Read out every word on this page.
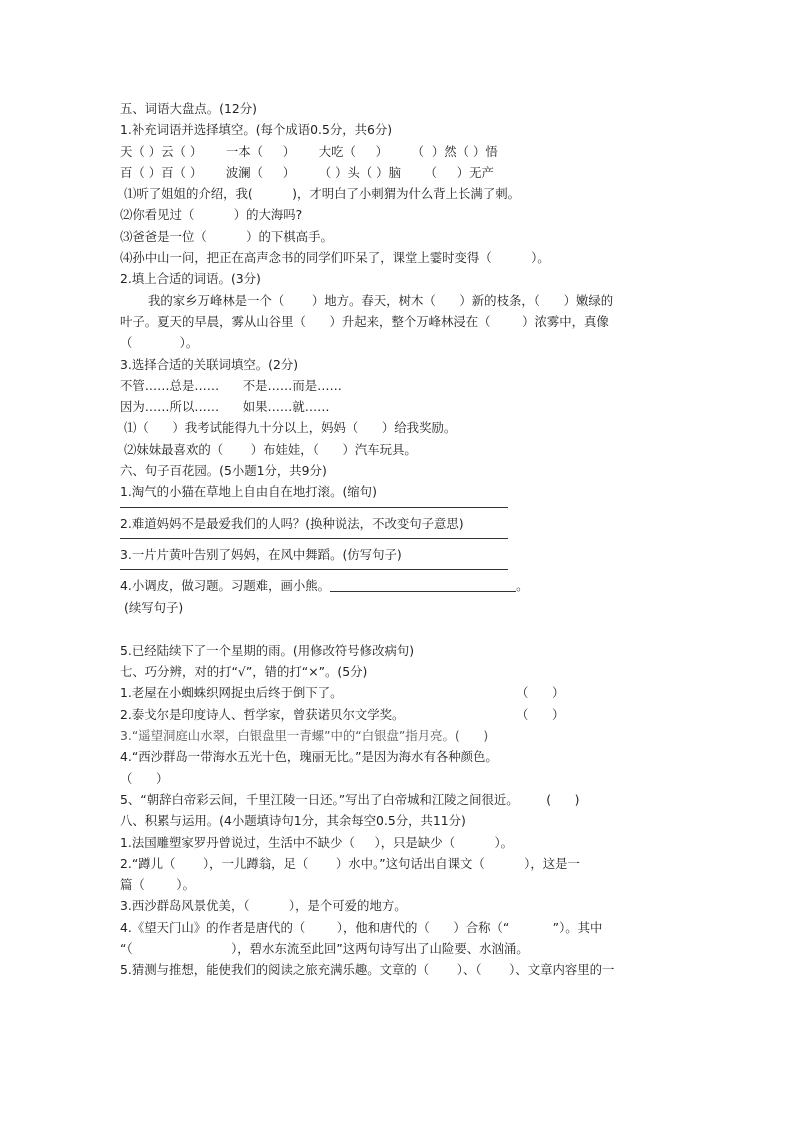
五、词语大盘点。(12分)
1.补充词语并选择填空。(每个成语0.5分，共6分)
天（ ）云（ ）      一本（     ）      大吃（     ）      （  ）然（ ）悟
百（ ）百（ ）      波澜（     ）      （ ）头（ ）脑      （     ）无产
⑴听了姐姐的介绍，我(          )，才明白了小刺猬为什么背上长满了刺。
⑵你看见过（          ）的大海吗?
⑶爸爸是一位（          ）的下棋高手。
⑷孙中山一问，把正在高声念书的同学们吓呆了，课堂上霎时变得（          ）。
2.填上合适的词语。(3分)
我的家乡万峰林是一个（       ）地方。春天，树木（      ）新的枝条，（      ）嫩绿的
叶子。夏天的早晨，雾从山谷里（      ）升起来，整个万峰林浸在（        ）浓雾中，真像
（            ）。
3.选择合适的关联词填空。(2分)
不管……总是……      不是……而是……
因为……所以……      如果……就……
⑴（      ）我考试能得九十分以上，妈妈（      ）给我奖励。
⑵妹妹最喜欢的（       ）布娃娃，（      ）汽车玩具。
六、句子百花园。(5小题1分，共9分)
1.淘气的小猫在草地上自由自在地打滚。(缩句)
2.难道妈妈不是最爱我们的人吗？(换种说法，不改变句子意思)
3.一片片黄叶告别了妈妈，在风中舞蹈。(仿写句子)
4.小调皮，做习题。习题难，画小熊。	。
(续写句子)
5.已经陆续下了一个星期的雨。(用修改符号修改病句)
七、巧分辨，对的打“√”，错的打“×”。(5分)
1.老屋在小蜘蛛织网捉虫后终于倒下了。	（      ）
2.泰戈尔是印度诗人、哲学家，曾获诺贝尔文学奖。	（      ）
3.“遥望洞庭山水翠，白银盘里一青螺”中的“白银盘”指月亮。(      )
4.“西沙群岛一带海水五光十色，瑰丽无比。”是因为海水有各种颜色。
（      ）
5、“朝辞白帝彩云间，千里江陵一日还。”写出了白帝城和江陵之间很近。       (      )
八、积累与运用。(4小题填诗句1分，其余每空0.5分，共11分)
1.法国雕塑家罗丹曾说过，生活中不缺少（     ），只是缺少（          ）。
2.“蹲儿（       ），一儿蹲翁，足（       ）水中。”这句话出自课文（          ），这是一
篇（        ）。
3.西沙群岛风景优美，（          ），是个可爱的地方。
4.《望天门山》的作者是唐代的（        ），他和唐代的（      ）合称（“           ”）。其中
“（                         ），碧水东流至此回”这两句诗写出了山险要、水汹涌。
5.猜测与推想，能使我们的阅读之旅充满乐趣。文章的（       ）、（       ）、文章内容里的一
